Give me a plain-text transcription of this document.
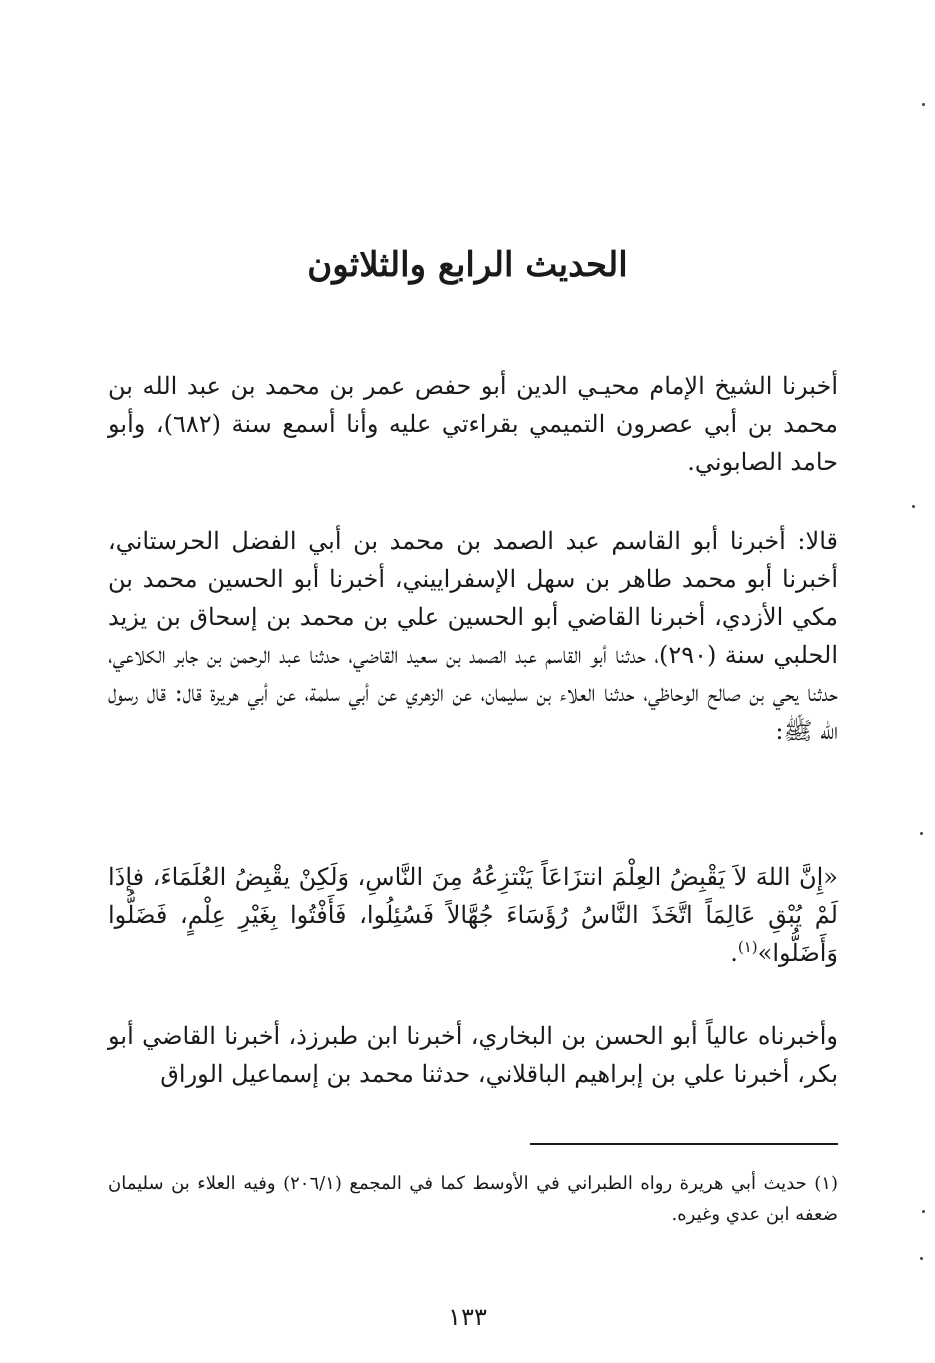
الحديث الرابع والثلاثون
أخبرنا الشيخ الإمام محيـي الدين أبو حفص عمر بن محمد بن عبد الله بن محمد بن أبي عصرون التميمي بقراءتي عليه وأنا أسمع سنة (٦٨٢)، وأبو حامد الصابوني.
قالا: أخبرنا أبو القاسم عبد الصمد بن محمد بن أبي الفضل الحرستاني، أخبرنا أبو محمد طاهر بن سهل الإسفراييني، أخبرنا أبو الحسين محمد بن مكي الأزدي، أخبرنا القاضي أبو الحسين علي بن محمد بن إسحاق بن يزيد الحلبي سنة (٢٩٠)، حدثنا أبو القاسم عبد الصمد بن سعيد القاضي، حدثنا عبد الرحمن بن جابر الكلاعي، حدثنا يحي بن صالح الوحاظي، حدثنا العلاء بن سليمان، عن الزهري عن أبي سلمة، عن أبي هريرة قال: قال رسول الله ﷺ:
«إِنَّ اللهَ لاَ يَقْبِضُ العِلْمَ انتزَاعَاً يَنْتزِعُهُ مِنَ النَّاسِ، وَلَكِنْ يقْبِضُ العُلَمَاءَ، فإذَا لَمْ يُبْقِ عَالِمَاً اتَّخَذَ النَّاسُ رُؤَسَاءَ جُهَّالاً فَسُئِلُوا، فَأَفْتُوا بِغَيْرِ عِلْمٍ، فَضَلُّوا وَأَضَلُّوا»$^{(١)}$.
وأخبرناه عالياً أبو الحسن بن البخاري، أخبرنا ابن طبرزذ، أخبرنا القاضي أبو بكر، أخبرنا علي بن إبراهيم الباقلاني، حدثنا محمد بن إسماعيل الوراق
(١) حديث أبي هريرة رواه الطبراني في الأوسط كما في المجمع (٢٠٦/١) وفيه العلاء بن سليمان ضعفه ابن عدي وغيره.
١٣٣
